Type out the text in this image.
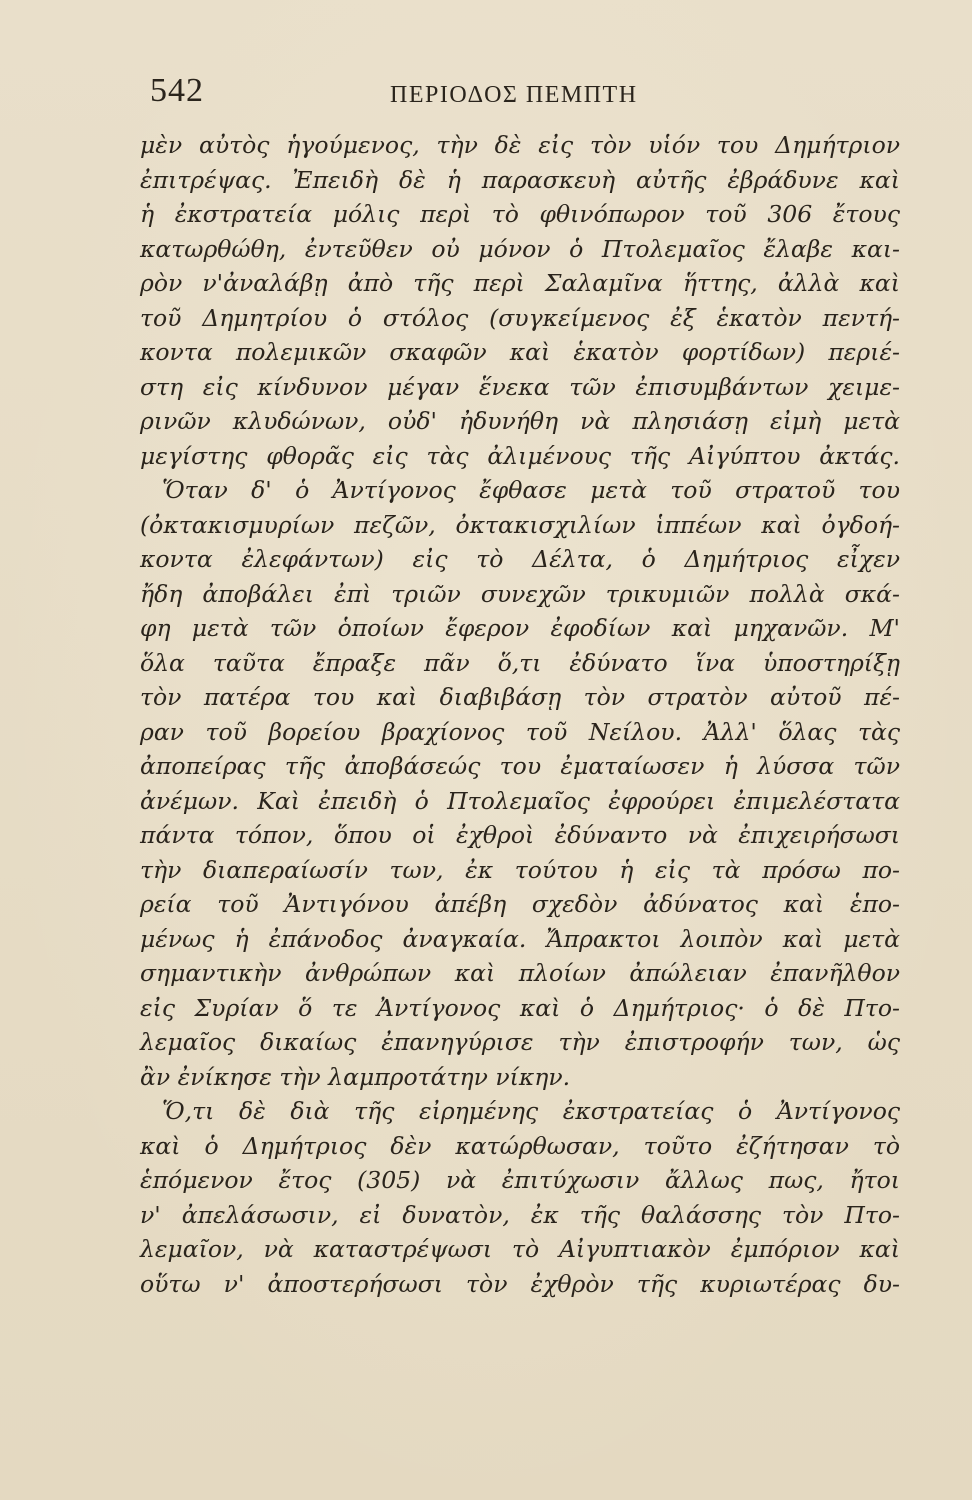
542	ΠΕΡΙΟΔΟΣ ΠΕΜΠΤΗ
μὲν αὐτὸς ἡγούμενος, τὴν δὲ εἰς τὸν υἱόν του Δημήτριον
ἐπιτρέψας. Ἐπειδὴ δὲ ἡ παρασκευὴ αὐτῆς ἐβράδυνε καὶ
ἡ ἐκστρατεία μόλις περὶ τὸ φθινόπωρον τοῦ 306 ἔτους
κατωρθώθη, ἐντεῦθεν οὐ μόνον ὁ Πτολεμαῖος ἔλαβε και-
ρὸν ν'ἀναλάβῃ ἀπὸ τῆς περὶ Σαλαμῖνα ἥττης, ἀλλὰ καὶ
τοῦ Δημητρίου ὁ στόλος (συγκείμενος ἐξ ἑκατὸν πεντή-
κοντα πολεμικῶν σκαφῶν καὶ ἑκατὸν φορτίδων) περιέ-
στη εἰς κίνδυνον μέγαν ἕνεκα τῶν ἐπισυμβάντων χειμε-
ρινῶν κλυδώνων, οὐδ' ἠδυνήθη νὰ πλησιάσῃ εἰμὴ μετὰ
μεγίστης φθορᾶς εἰς τὰς ἀλιμένους τῆς Αἰγύπτου ἀκτάς.
Ὅταν δ' ὁ Ἀντίγονος ἔφθασε μετὰ τοῦ στρατοῦ του
(ὀκτακισμυρίων πεζῶν, ὀκτακισχιλίων ἱππέων καὶ ὀγδοή-
κοντα ἐλεφάντων) εἰς τὸ Δέλτα, ὁ Δημήτριος εἶχεν
ἤδη ἀποβάλει ἐπὶ τριῶν συνεχῶν τρικυμιῶν πολλὰ σκά-
φη μετὰ τῶν ὁποίων ἔφερον ἐφοδίων καὶ μηχανῶν. Μ'
ὅλα ταῦτα ἔπραξε πᾶν ὅ,τι ἐδύνατο ἵνα ὑποστηρίξῃ
τὸν πατέρα του καὶ διαβιβάσῃ τὸν στρατὸν αὐτοῦ πέ-
ραν τοῦ βορείου βραχίονος τοῦ Νείλου. Ἀλλ' ὅλας τὰς
ἀποπείρας τῆς ἀποβάσεώς του ἐματαίωσεν ἡ λύσσα τῶν
ἀνέμων. Καὶ ἐπειδὴ ὁ Πτολεμαῖος ἐφρούρει ἐπιμελέστατα
πάντα τόπον, ὅπου οἱ ἐχθροὶ ἐδύναντο νὰ ἐπιχειρήσωσι
τὴν διαπεραίωσίν των, ἐκ τούτου ἡ εἰς τὰ πρόσω πο-
ρεία τοῦ Ἀντιγόνου ἀπέβη σχεδὸν ἀδύνατος καὶ ἑπο-
μένως ἡ ἐπάνοδος ἀναγκαία. Ἄπρακτοι λοιπὸν καὶ μετὰ
σημαντικὴν ἀνθρώπων καὶ πλοίων ἀπώλειαν ἐπανῆλθον
εἰς Συρίαν ὅ τε Ἀντίγονος καὶ ὁ Δημήτριος· ὁ δὲ Πτο-
λεμαῖος δικαίως ἐπανηγύρισε τὴν ἐπιστροφήν των, ὡς
ἂν ἐνίκησε τὴν λαμπροτάτην νίκην.
Ὅ,τι δὲ διὰ τῆς εἰρημένης ἐκστρατείας ὁ Ἀντίγονος
καὶ ὁ Δημήτριος δὲν κατώρθωσαν, τοῦτο ἐζήτησαν τὸ
ἑπόμενον ἔτος (305) νὰ ἐπιτύχωσιν ἄλλως πως, ἤτοι
ν' ἀπελάσωσιν, εἰ δυνατὸν, ἐκ τῆς θαλάσσης τὸν Πτο-
λεμαῖον, νὰ καταστρέψωσι τὸ Αἰγυπτιακὸν ἐμπόριον καὶ
οὕτω ν' ἀποστερήσωσι τὸν ἐχθρὸν τῆς κυριωτέρας δυ-
